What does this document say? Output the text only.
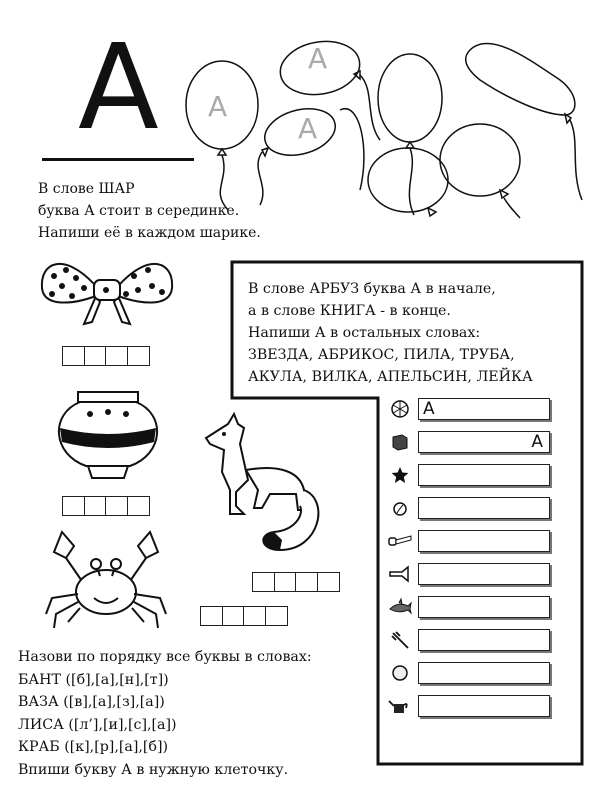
А А
А
А
В слове ШАР
буква А стоит в серединке.
Напиши её в каждом шарике.
В слове АРБУЗ буква А в начале,
а в слове КНИГА - в конце.
Напиши А в остальных словах:
ЗВЕЗДА, АБРИКОС, ПИЛА, ТРУБА,
АКУЛА, ВИЛКА, АПЕЛЬСИН, ЛЕЙКА
А
А
Назови по порядку все буквы в словах:
БАНТ ([б],[а],[н],[т])
ВАЗА ([в],[а],[з],[а])
ЛИСА ([л’],[и],[с],[а])
КРАБ ([к],[р],[а],[б])
Впиши букву А в нужную клеточку.
